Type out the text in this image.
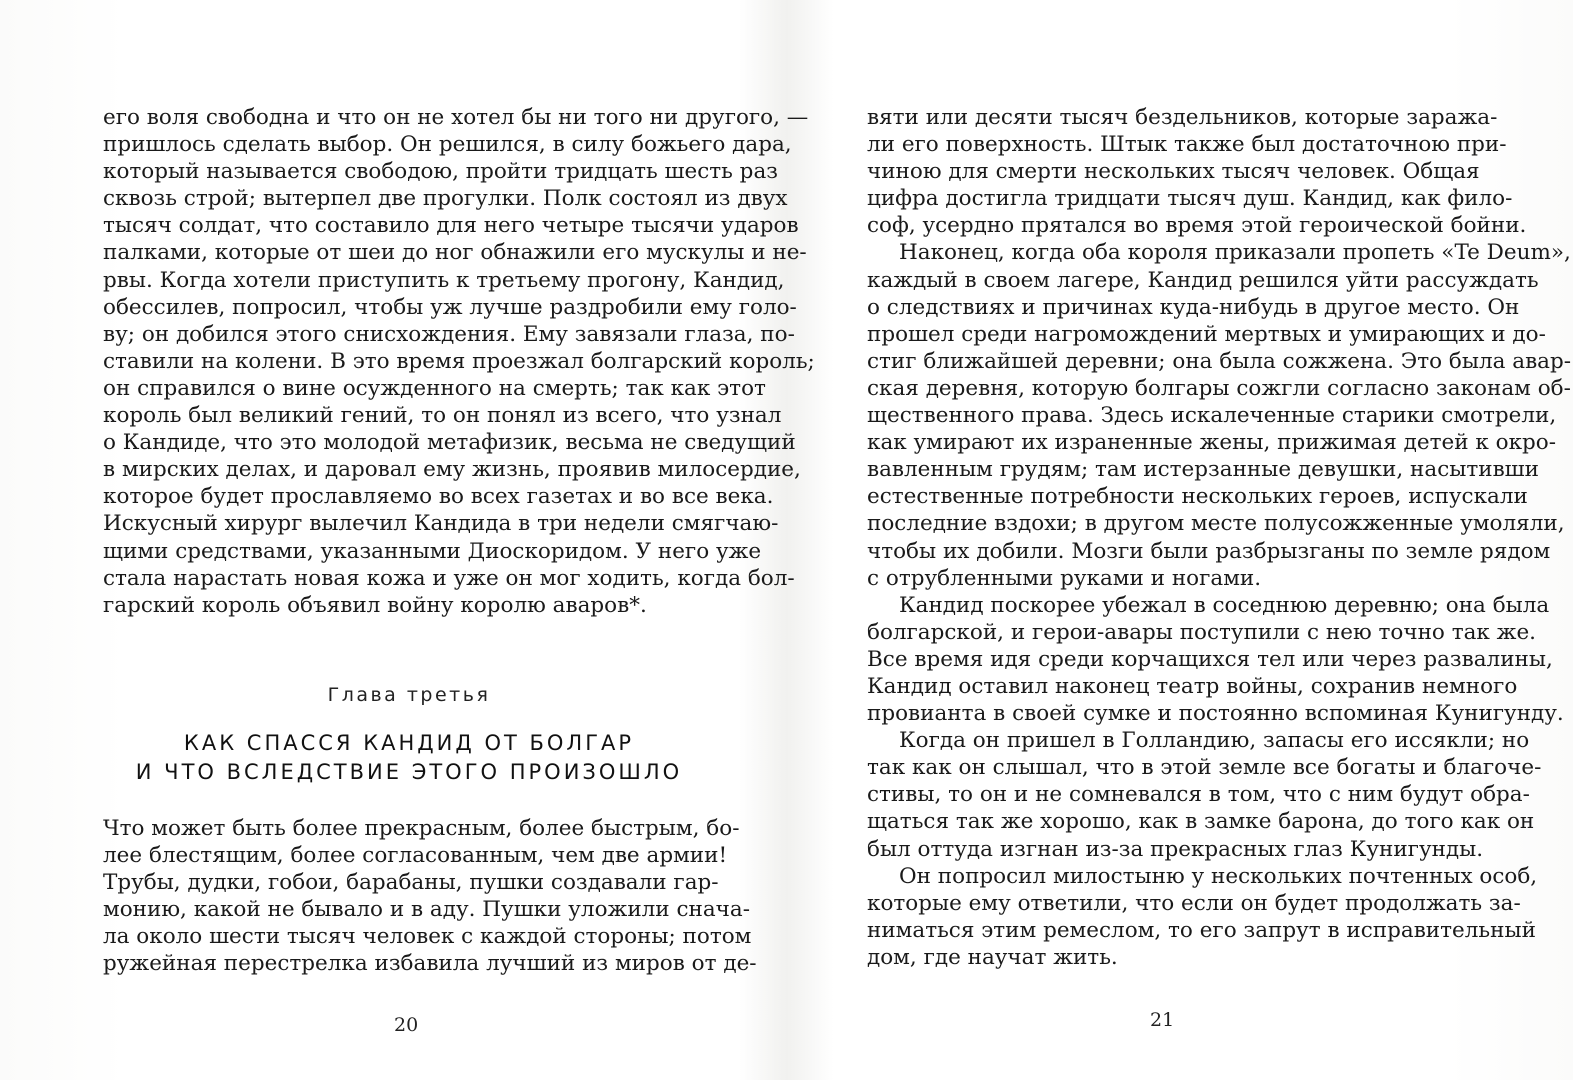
его воля свободна и что он не хотел бы ни того ни другого, —
пришлось сделать выбор. Он решился, в силу божьего дара,
который называется свободою, пройти тридцать шесть раз
сквозь строй; вытерпел две прогулки. Полк состоял из двух
тысяч солдат, что составило для него четыре тысячи ударов
палками, которые от шеи до ног обнажили его мускулы и не-
рвы. Когда хотели приступить к третьему прогону, Кандид,
обессилев, попросил, чтобы уж лучше раздробили ему голо-
ву; он добился этого снисхождения. Ему завязали глаза, по-
ставили на колени. В это время проезжал болгарский король;
он справился о вине осужденного на смерть; так как этот
король был великий гений, то он понял из всего, что узнал
о Кандиде, что это молодой метафизик, весьма не сведущий
в мирских делах, и даровал ему жизнь, проявив милосердие,
которое будет прославляемо во всех газетах и во все века.
Искусный хирург вылечил Кандида в три недели смягчаю-
щими средствами, указанными Диоскоридом. У него уже
стала нарастать новая кожа и уже он мог ходить, когда бол-
гарский король объявил войну королю аваров*.
Глава третья
КАК СПАССЯ КАНДИД ОТ БОЛГАР
И ЧТО ВСЛЕДСТВИЕ ЭТОГО ПРОИЗОШЛО
Что может быть более прекрасным, более быстрым, бо-
лее блестящим, более согласованным, чем две армии!
Трубы, дудки, гобои, барабаны, пушки создавали гар-
монию, какой не бывало и в аду. Пушки уложили снача-
ла около шести тысяч человек с каждой стороны; потом
ружейная перестрелка избавила лучший из миров от де-
20
вяти или десяти тысяч бездельников, которые заража-
ли его поверхность. Штык также был достаточною при-
чиною для смерти нескольких тысяч человек. Общая
цифра достигла тридцати тысяч душ. Кандид, как фило-
соф, усердно прятался во время этой героической бойни.
Наконец, когда оба короля приказали пропеть «Te Deum»,
каждый в своем лагере, Кандид решился уйти рассуждать
о следствиях и причинах куда-нибудь в другое место. Он
прошел среди нагромождений мертвых и умирающих и до-
стиг ближайшей деревни; она была сожжена. Это была авар-
ская деревня, которую болгары сожгли согласно законам об-
щественного права. Здесь искалеченные старики смотрели,
как умирают их израненные жены, прижимая детей к окро-
вавленным грудям; там истерзанные девушки, насытивши
естественные потребности нескольких героев, испускали
последние вздохи; в другом месте полусожженные умоляли,
чтобы их добили. Мозги были разбрызганы по земле рядом
с отрубленными руками и ногами.
Кандид поскорее убежал в соседнюю деревню; она была
болгарской, и герои-авары поступили с нею точно так же.
Все время идя среди корчащихся тел или через развалины,
Кандид оставил наконец театр войны, сохранив немного
провианта в своей сумке и постоянно вспоминая Кунигунду.
Когда он пришел в Голландию, запасы его иссякли; но
так как он слышал, что в этой земле все богаты и благоче-
стивы, то он и не сомневался в том, что с ним будут обра-
щаться так же хорошо, как в замке барона, до того как он
был оттуда изгнан из-за прекрасных глаз Кунигунды.
Он попросил милостыню у нескольких почтенных особ,
которые ему ответили, что если он будет продолжать за-
ниматься этим ремеслом, то его запрут в исправительный
дом, где научат жить.
21
